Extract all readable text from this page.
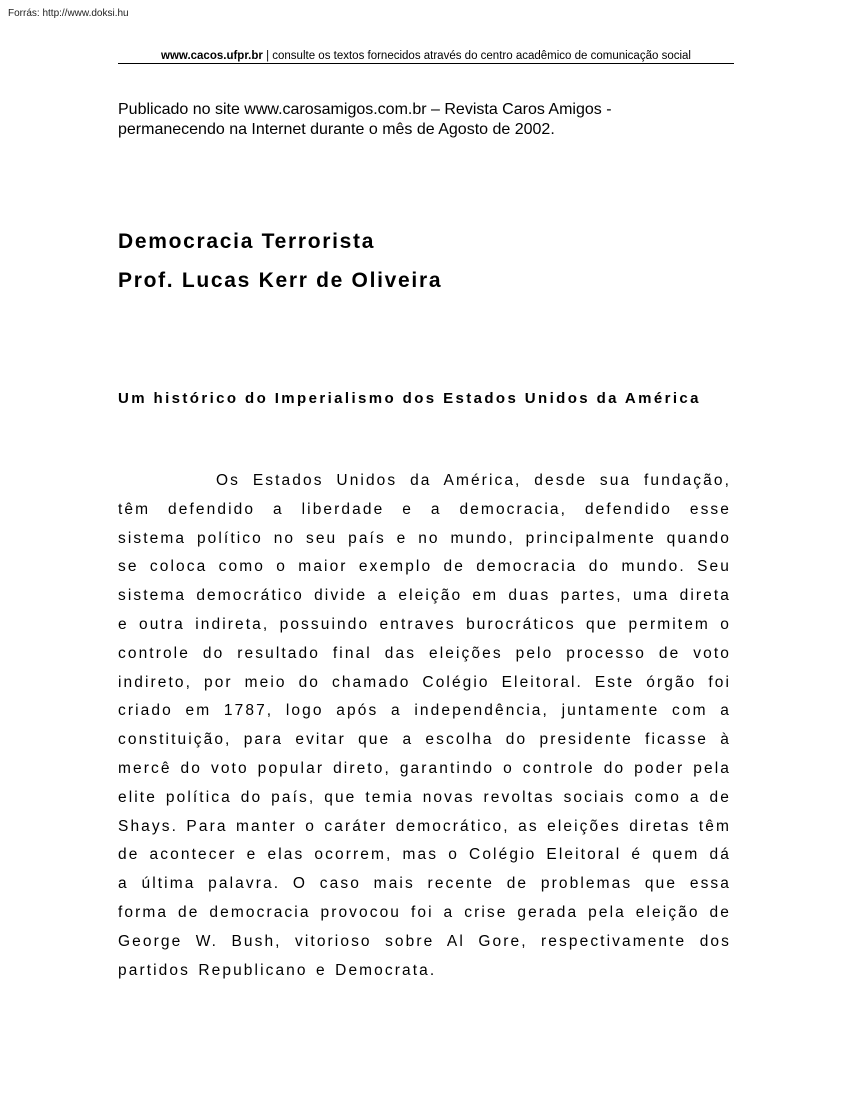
Forrás: http://www.doksi.hu
www.cacos.ufpr.br | consulte os textos fornecidos através do centro acadêmico de comunicação social
Publicado no site www.carosamigos.com.br – Revista Caros Amigos -
permanecendo na Internet durante o mês de Agosto de 2002.
Democracia Terrorista
Prof. Lucas Kerr de Oliveira
Um histórico do Imperialismo dos Estados Unidos da América

Os Estados Unidos da América, desde sua fundação, têm defendido a liberdade e a democracia, defendido esse sistema político no seu país e no mundo, principalmente quando se coloca como o maior exemplo de democracia do mundo. Seu sistema democrático divide a eleição em duas partes, uma direta e outra indireta, possuindo entraves burocráticos que permitem o controle do resultado final das eleições pelo processo de voto indireto, por meio do chamado Colégio Eleitoral. Este órgão foi criado em 1787, logo após a independência, juntamente com a constituição, para evitar que a escolha do presidente ficasse à mercê do voto popular direto, garantindo o controle do poder pela elite política do país, que temia novas revoltas sociais como a de Shays. Para manter o caráter democrático, as eleições diretas têm de acontecer e elas ocorrem, mas o Colégio Eleitoral é quem dá a última palavra. O caso mais recente de problemas que essa forma de democracia provocou foi a crise gerada pela eleição de George W. Bush, vitorioso sobre Al Gore, respectivamente dos partidos Republicano e Democrata.
